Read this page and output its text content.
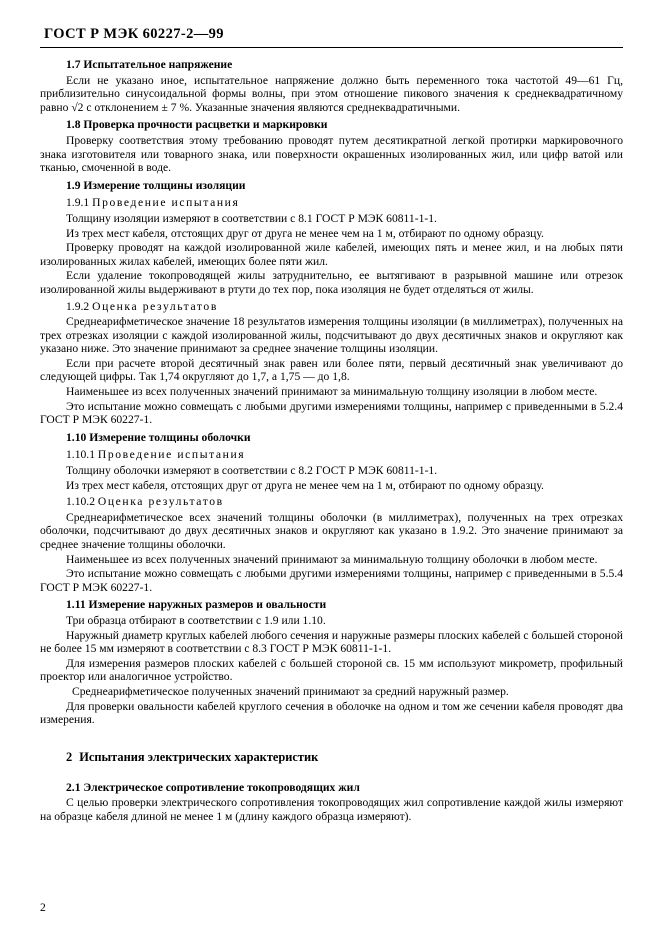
ГОСТ Р МЭК 60227-2—99
1.7 Испытательное напряжение

Если не указано иное, испытательное напряжение должно быть переменного тока частотой 49—61 Гц, приблизительно синусоидальной формы волны, при этом отношение пикового значения к среднеквадратичному равно √2 с отклонением ± 7 %. Указанные значения являются среднеквадратичными.

1.8 Проверка прочности расцветки и маркировки

Проверку соответствия этому требованию проводят путем десятикратной легкой протирки маркировочного знака изготовителя или товарного знака, или поверхности окрашенных изолированных жил, или цифр ватой или тканью, смоченной в воде.

1.9 Измерение толщины изоляции
1.9.1 Проведение испытания

Толщину изоляции измеряют в соответствии с 8.1 ГОСТ Р МЭК 60811-1-1.

Из трех мест кабеля, отстоящих друг от друга не менее чем на 1 м, отбирают по одному образцу.

Проверку проводят на каждой изолированной жиле кабелей, имеющих пять и менее жил, и на любых пяти изолированных жилах кабелей, имеющих более пяти жил.

Если удаление токопроводящей жилы затруднительно, ее вытягивают в разрывной машине или отрезок изолированной жилы выдерживают в ртути до тех пор, пока изоляция не будет отделяться от жилы.

1.9.2 Оценка результатов

Среднеарифметическое значение 18 результатов измерения толщины изоляции (в миллиметрах), полученных на трех отрезках изоляции с каждой изолированной жилы, подсчитывают до двух десятичных знаков и округляют как указано ниже. Это значение принимают за среднее значение толщины изоляции.

Если при расчете второй десятичный знак равен или более пяти, первый десятичный знак увеличивают до следующей цифры. Так 1,74 округляют до 1,7, а 1,75 — до 1,8.

Наименьшее из всех полученных значений принимают за минимальную толщину изоляции в любом месте.

Это испытание можно совмещать с любыми другими измерениями толщины, например с приведенными в 5.2.4 ГОСТ Р МЭК 60227-1.

1.10 Измерение толщины оболочки
1.10.1 Проведение испытания

Толщину оболочки измеряют в соответствии с 8.2 ГОСТ Р МЭК 60811-1-1.

Из трех мест кабеля, отстоящих друг от друга не менее чем на 1 м, отбирают по одному образцу.

1.10.2 Оценка результатов

Среднеарифметическое всех значений толщины оболочки (в миллиметрах), полученных на трех отрезках оболочки, подсчитывают до двух десятичных знаков и округляют как указано в 1.9.2. Это значение принимают за среднее значение толщины оболочки.

Наименьшее из всех полученных значений принимают за минимальную толщину оболочки в любом месте.

Это испытание можно совмещать с любыми другими измерениями толщины, например с приведенными в 5.5.4 ГОСТ Р МЭК 60227-1.

1.11 Измерение наружных размеров и овальности

Три образца отбирают в соответствии с 1.9 или 1.10.

Наружный диаметр круглых кабелей любого сечения и наружные размеры плоских кабелей с большей стороной не более 15 мм измеряют в соответствии с 8.3 ГОСТ Р МЭК 60811-1-1.

Для измерения размеров плоских кабелей с большей стороной св. 15 мм используют микрометр, профильный проектор или аналогичное устройство.

Среднеарифметическое полученных значений принимают за средний наружный размер.

Для проверки овальности кабелей круглого сечения в оболочке на одном и том же сечении кабеля проводят два измерения.

2 Испытания электрических характеристик
2.1 Электрическое сопротивление токопроводящих жил

С целью проверки электрического сопротивления токопроводящих жил сопротивление каждой жилы измеряют на образце кабеля длиной не менее 1 м (длину каждого образца измеряют).

2
